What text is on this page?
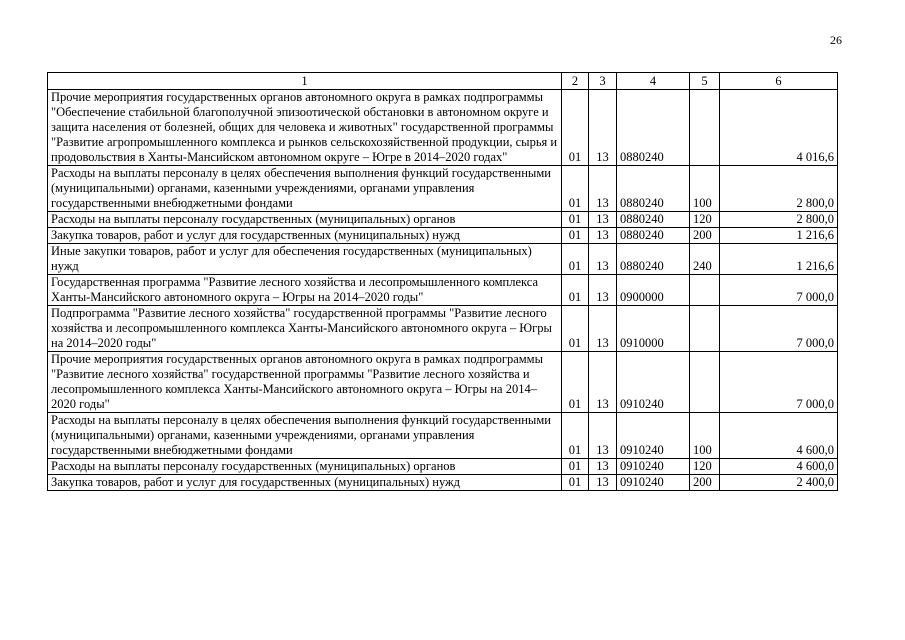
26
1	2	3	4	5	6
Прочие мероприятия государственных органов автономного округа в рамках подпрограммы "Обеспечение стабильной благополучной эпизоотической обстановки в автономном округе и защита населения от болезней, общих для человека и животных" государственной программы "Развитие агропромышленного комплекса и рынков сельскохозяйственной продукции, сырья и продовольствия в Ханты-Мансийском автономном округе – Югре в 2014–2020 годах"	01	13	0880240		4 016,6
Расходы на выплаты персоналу в целях обеспечения выполнения функций государственными (муниципальными) органами, казенными учреждениями, органами управления государственными внебюджетными фондами	01	13	0880240	100	2 800,0
Расходы на выплаты персоналу государственных (муниципальных) органов	01	13	0880240	120	2 800,0
Закупка товаров, работ и услуг для государственных (муниципальных) нужд	01	13	0880240	200	1 216,6
Иные закупки товаров, работ и услуг для обеспечения государственных (муниципальных) нужд	01	13	0880240	240	1 216,6
Государственная программа "Развитие лесного хозяйства и лесопромышленного комплекса Ханты-Мансийского автономного округа – Югры на 2014–2020 годы"	01	13	0900000		7 000,0
Подпрограмма "Развитие лесного хозяйства" государственной программы "Развитие лесного хозяйства и лесопромышленного комплекса Ханты-Мансийского автономного округа – Югры на 2014–2020 годы"	01	13	0910000		7 000,0
Прочие мероприятия государственных органов автономного округа в рамках подпрограммы "Развитие лесного хозяйства" государственной программы "Развитие лесного хозяйства и лесопромышленного комплекса Ханты-Мансийского автономного округа – Югры на 2014–2020 годы"	01	13	0910240		7 000,0
Расходы на выплаты персоналу в целях обеспечения выполнения функций государственными (муниципальными) органами, казенными учреждениями, органами управления государственными внебюджетными фондами	01	13	0910240	100	4 600,0
Расходы на выплаты персоналу государственных (муниципальных) органов	01	13	0910240	120	4 600,0
Закупка товаров, работ и услуг для государственных (муниципальных) нужд	01	13	0910240	200	2 400,0
